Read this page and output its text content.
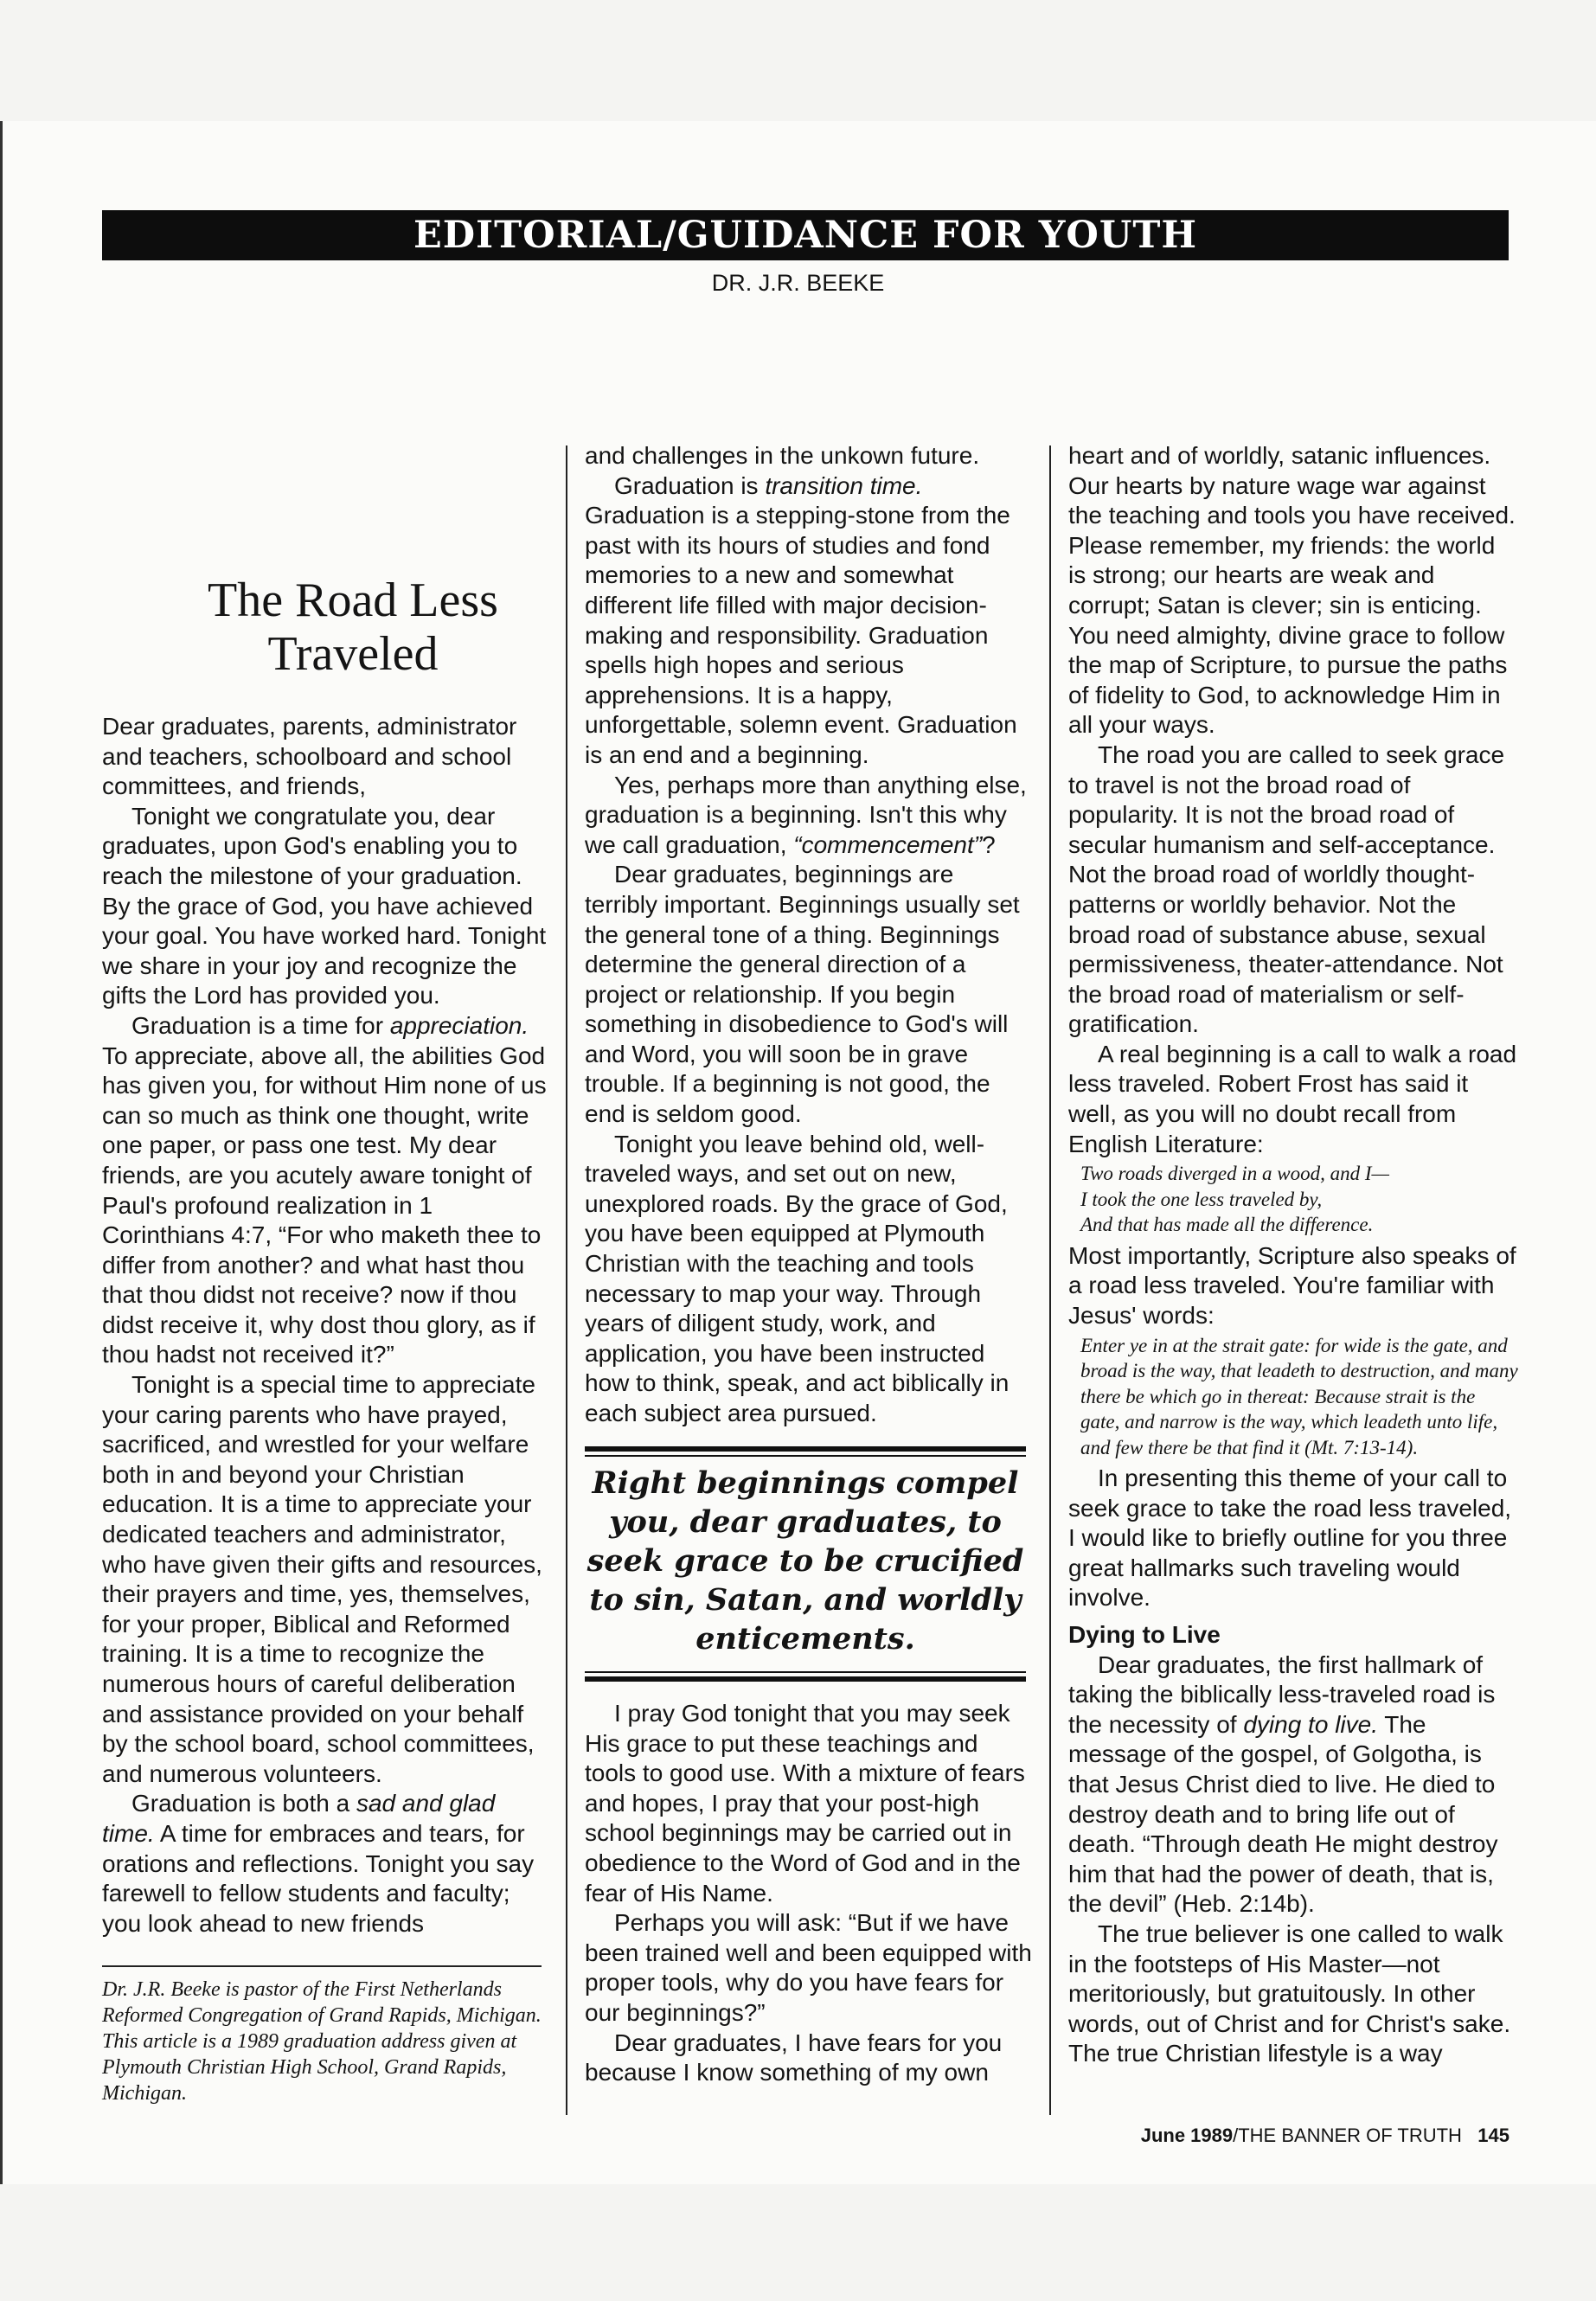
EDITORIAL/GUIDANCE FOR YOUTH
DR. J.R. BEEKE
The Road Less
Traveled

Dear graduates, parents, administrator and teachers, schoolboard and school committees, and friends,

Tonight we congratulate you, dear graduates, upon God's enabling you to reach the milestone of your graduation. By the grace of God, you have achieved your goal. You have worked hard. Tonight we share in your joy and recognize the gifts the Lord has provided you.

Graduation is a time for appreciation. To appreciate, above all, the abilities God has given you, for without Him none of us can so much as think one thought, write one paper, or pass one test. My dear friends, are you acutely aware tonight of Paul's profound realization in 1 Corinthians 4:7, “For who maketh thee to differ from another? and what hast thou that thou didst not receive? now if thou didst receive it, why dost thou glory, as if thou hadst not received it?”

Tonight is a special time to appreciate your caring parents who have prayed, sacrificed, and wrestled for your welfare both in and beyond your Christian education. It is a time to appreciate your dedicated teachers and administrator, who have given their gifts and resources, their prayers and time, yes, themselves, for your proper, Biblical and Reformed training. It is a time to recognize the numerous hours of careful deliberation and assistance provided on your behalf by the school board, school committees, and numerous volunteers.

Graduation is both a sad and glad time. A time for embraces and tears, for orations and reflections. Tonight you say farewell to fellow students and faculty; you look ahead to new friends

Dr. J.R. Beeke is pastor of the First Netherlands Reformed Congregation of Grand Rapids, Michigan. This article is a 1989 graduation address given at Plymouth Christian High School, Grand Rapids, Michigan.

and challenges in the unkown future.

Graduation is transition time. Graduation is a stepping-stone from the past with its hours of studies and fond memories to a new and somewhat different life filled with major decision-making and responsibility. Graduation spells high hopes and serious apprehensions. It is a happy, unforgettable, solemn event. Graduation is an end and a beginning.

Yes, perhaps more than anything else, graduation is a beginning. Isn't this why we call graduation, “commencement”?

Dear graduates, beginnings are terribly important. Beginnings usually set the general tone of a thing. Beginnings determine the general direction of a project or relationship. If you begin something in disobedience to God's will and Word, you will soon be in grave trouble. If a beginning is not good, the end is seldom good.

Tonight you leave behind old, well-traveled ways, and set out on new, unexplored roads. By the grace of God, you have been equipped at Plymouth Christian with the teaching and tools necessary to map your way. Through years of diligent study, work, and application, you have been instructed how to think, speak, and act biblically in each subject area pursued.

Right beginnings compel you, dear graduates, to seek grace to be crucified to sin, Satan, and worldly enticements.

I pray God tonight that you may seek His grace to put these teachings and tools to good use. With a mixture of fears and hopes, I pray that your post-high school beginnings may be carried out in obedience to the Word of God and in the fear of His Name.

Perhaps you will ask: “But if we have been trained well and been equipped with proper tools, why do you have fears for our beginnings?”

Dear graduates, I have fears for you because I know something of my own

heart and of worldly, satanic influences. Our hearts by nature wage war against the teaching and tools you have received. Please remember, my friends: the world is strong; our hearts are weak and corrupt; Satan is clever; sin is enticing. You need almighty, divine grace to follow the map of Scripture, to pursue the paths of fidelity to God, to acknowledge Him in all your ways.

The road you are called to seek grace to travel is not the broad road of popularity. It is not the broad road of secular humanism and self-acceptance. Not the broad road of worldly thought-patterns or worldly behavior. Not the broad road of substance abuse, sexual permissiveness, theater-attendance. Not the broad road of materialism or self-gratification.

A real beginning is a call to walk a road less traveled. Robert Frost has said it well, as you will no doubt recall from English Literature:

Two roads diverged in a wood, and I—
I took the one less traveled by,
And that has made all the difference.

Most importantly, Scripture also speaks of a road less traveled. You're familiar with Jesus' words:

Enter ye in at the strait gate: for wide is the gate, and broad is the way, that leadeth to destruction, and many there be which go in thereat: Because strait is the gate, and narrow is the way, which leadeth unto life, and few there be that find it (Mt. 7:13-14).

In presenting this theme of your call to seek grace to take the road less traveled, I would like to briefly outline for you three great hallmarks such traveling would involve.

Dying to Live

Dear graduates, the first hallmark of taking the biblically less-traveled road is the necessity of dying to live. The message of the gospel, of Golgotha, is that Jesus Christ died to live. He died to destroy death and to bring life out of death. “Through death He might destroy him that had the power of death, that is, the devil” (Heb. 2:14b).

The true believer is one called to walk in the footsteps of His Master—not meritoriously, but gratuitously. In other words, out of Christ and for Christ's sake. The true Christian lifestyle is a way

June 1989/THE BANNER OF TRUTH 145
